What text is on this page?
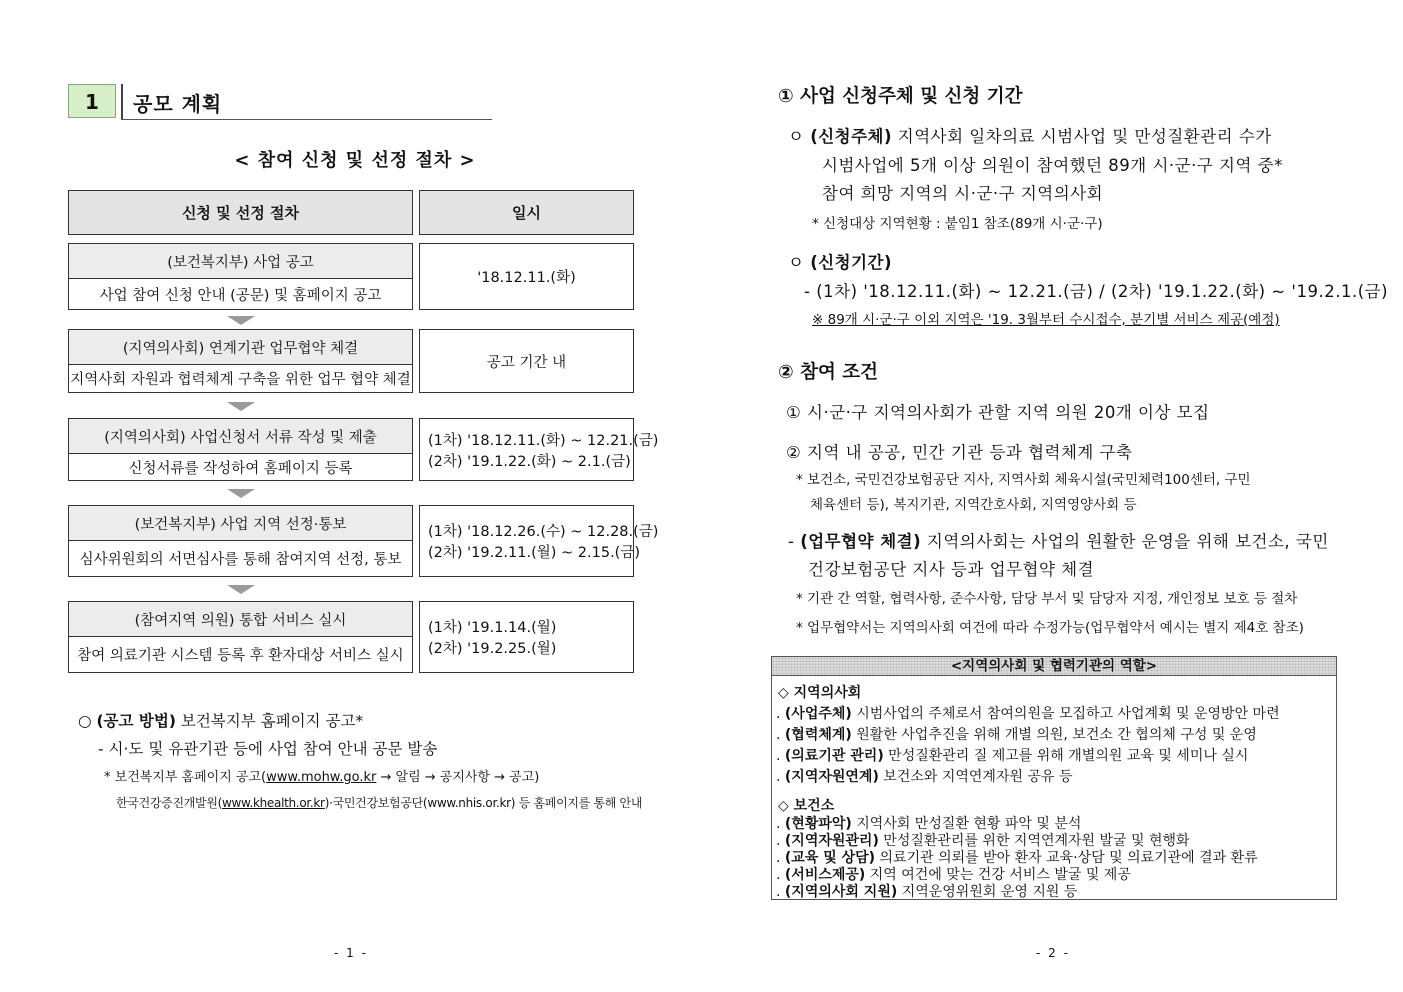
1	공모 계획
< 참여 신청 및 선정 절차 >
신청 및 선정 절차	일시
(보건복지부) 사업 공고
사업 참여 신청 안내 (공문) 및 홈페이지 공고
'18.12.11.(화)
(지역의사회) 연계기관 업무협약 체결
지역사회 자원과 협력체계 구축을 위한 업무 협약 체결
공고 기간 내
(지역의사회) 사업신청서 서류 작성 및 제출
신청서류를 작성하여 홈페이지 등록
(1차) '18.12.11.(화) ~ 12.21.(금)
(2차) '19.1.22.(화) ~ 2.1.(금)
(보건복지부) 사업 지역 선정·통보
심사위원회의 서면심사를 통해 참여지역 선정, 통보
(1차) '18.12.26.(수) ~ 12.28.(금)
(2차) '19.2.11.(월) ~ 2.15.(금)
(참여지역 의원) 통합 서비스 실시
참여 의료기관 시스템 등록 후 환자대상 서비스 실시
(1차) '19.1.14.(월)
(2차) '19.2.25.(월)
○ (공고 방법) 보건복지부 홈페이지 공고*
- 시·도 및 유관기관 등에 사업 참여 안내 공문 발송
* 보건복지부 홈페이지 공고(www.mohw.go.kr → 알림 → 공지사항 → 공고)
한국건강증진개발원(www.khealth.or.kr)·국민건강보험공단(www.nhis.or.kr) 등 홈페이지를 통해 안내
- 1 -
① 사업 신청주체 및 신청 기간
ㅇ (신청주체) 지역사회 일차의료 시범사업 및 만성질환관리 수가
시범사업에 5개 이상 의원이 참여했던 89개 시·군·구 지역 중*
참여 희망 지역의 시·군·구 지역의사회
* 신청대상 지역현황 : 붙임1 참조(89개 시·군·구)
ㅇ (신청기간)
- (1차) '18.12.11.(화) ~ 12.21.(금) / (2차) '19.1.22.(화) ~ '19.2.1.(금)
※ 89개 시·군·구 이외 지역은 '19. 3월부터 수시접수, 분기별 서비스 제공(예정)
② 참여 조건
① 시·군·구 지역의사회가 관할 지역 의원 20개 이상 모집
② 지역 내 공공, 민간 기관 등과 협력체계 구축
* 보건소, 국민건강보험공단 지사, 지역사회 체육시설(국민체력100센터, 구민
체육센터 등), 복지기관, 지역간호사회, 지역영양사회 등
- (업무협약 체결) 지역의사회는 사업의 원활한 운영을 위해 보건소, 국민
건강보험공단 지사 등과 업무협약 체결
* 기관 간 역할, 협력사항, 준수사항, 담당 부서 및 담당자 지정, 개인정보 보호 등 절차
* 업무협약서는 지역의사회 여건에 따라 수정가능(업무협약서 예시는 별지 제4호 참조)
<지역의사회 및 협력기관의 역할>
◇ 지역의사회
. (사업주체) 시범사업의 주체로서 참여의원을 모집하고 사업계획 및 운영방안 마련
. (협력체계) 원활한 사업추진을 위해 개별 의원, 보건소 간 협의체 구성 및 운영
. (의료기관 관리) 만성질환관리 질 제고를 위해 개별의원 교육 및 세미나 실시
. (지역자원연계) 보건소와 지역연계자원 공유 등
◇ 보건소
. (현황파악) 지역사회 만성질환 현황 파악 및 분석
. (지역자원관리) 만성질환관리를 위한 지역연계자원 발굴 및 현행화
. (교육 및 상담) 의료기관 의뢰를 받아 환자 교육·상담 및 의료기관에 결과 환류
. (서비스제공) 지역 여건에 맞는 건강 서비스 발굴 및 제공
. (지역의사회 지원) 지역운영위원회 운영 지원 등
- 2 -
